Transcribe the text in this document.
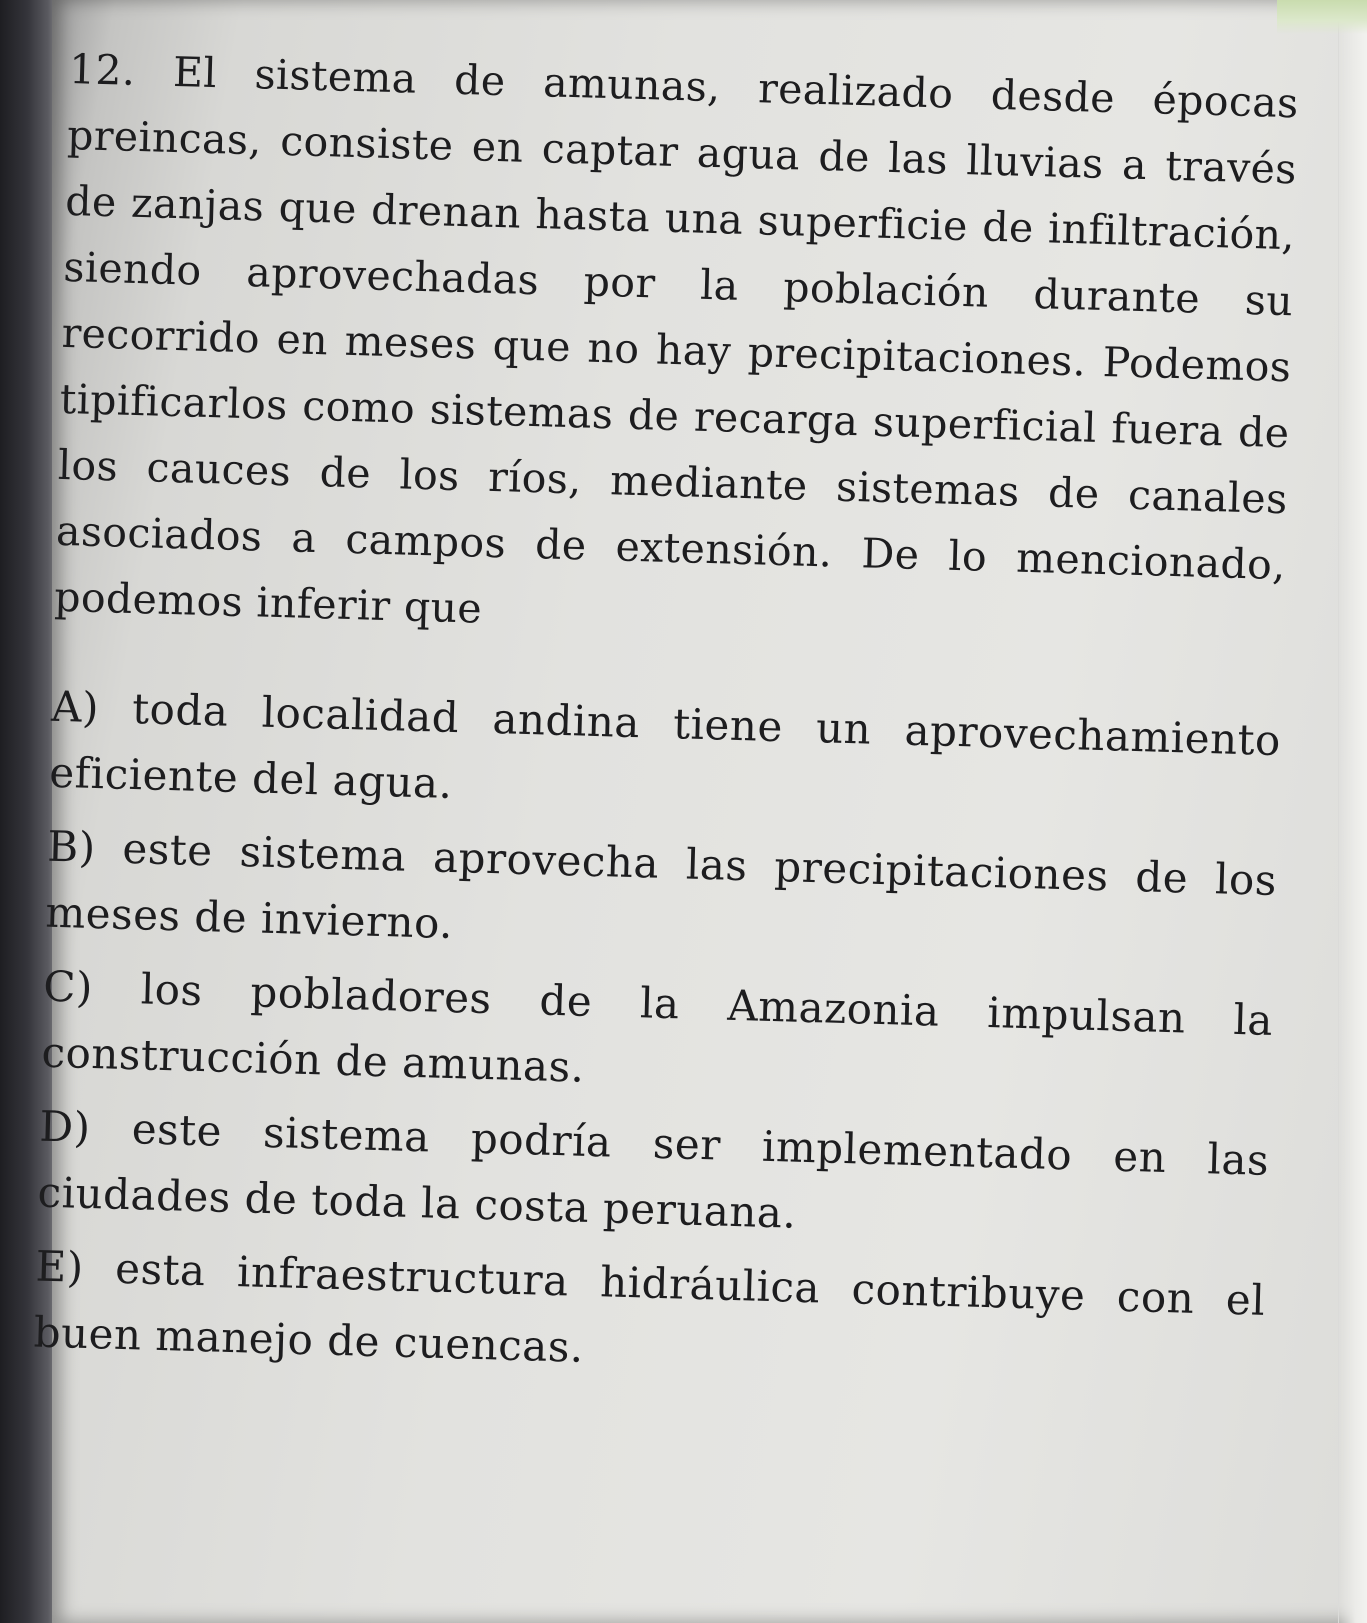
12. El sistema de amunas, realizado desde épocas preincas, consiste en captar agua de las lluvias a través de zanjas que drenan hasta una superficie de infiltración, siendo aprovechadas por la población durante su recorrido en meses que no hay precipitaciones. Podemos tipificarlos como sistemas de recarga superficial fuera de los cauces de los ríos, mediante sistemas de canales asociados a campos de extensión. De lo mencionado, podemos inferir que

A) toda localidad andina tiene un aprovechamiento eficiente del agua.

B) este sistema aprovecha las precipitaciones de los meses de invierno.

C) los pobladores de la Amazonia impulsan la construcción de amunas.

D) este sistema podría ser implementado en las ciudades de toda la costa peruana.

E) esta infraestructura hidráulica contribuye con el buen manejo de cuencas.
